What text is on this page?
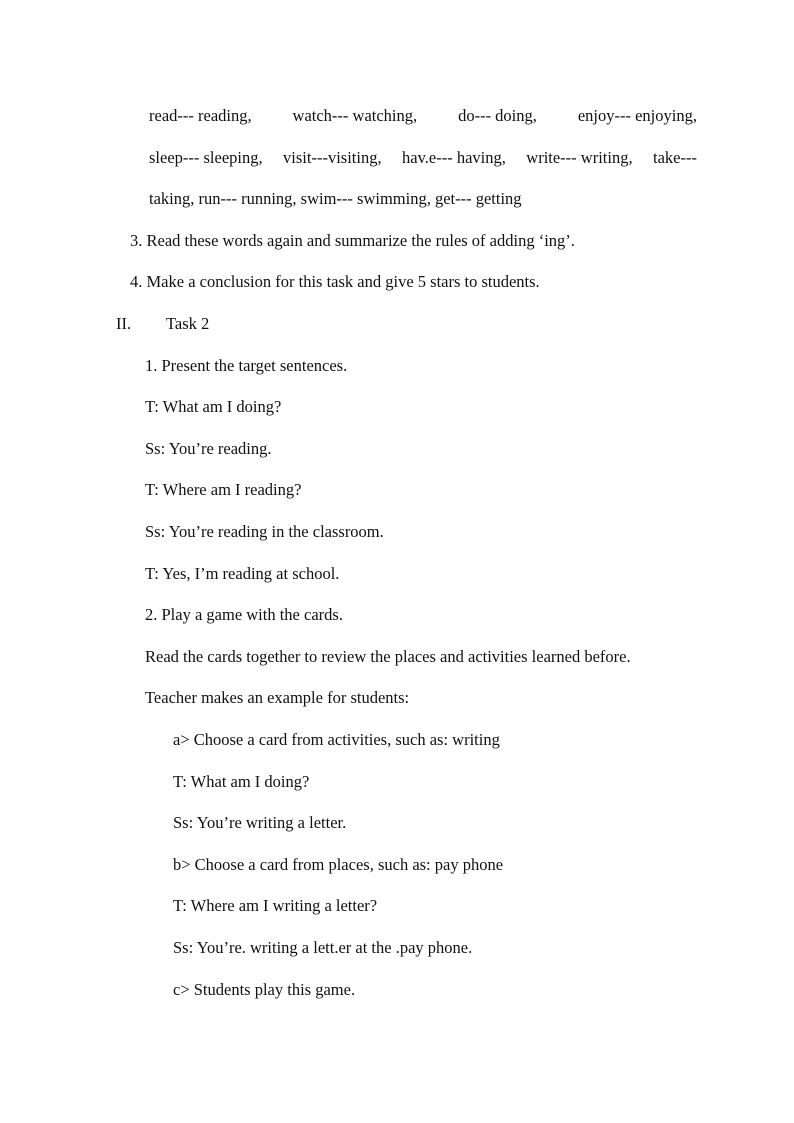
read--- reading, watch--- watching, do--- doing, enjoy--- enjoying,
sleep--- sleeping, visit---visiting, hav.e--- having, write--- writing, take---
taking, run--- running, swim--- swimming, get--- getting
3. Read these words again and summarize the rules of adding ‘ing’.
4. Make a conclusion for this task and give 5 stars to students.
II. Task 2
1. Present the target sentences.
T: What am I doing?
Ss: You’re reading.
T: Where am I reading?
Ss: You’re reading in the classroom.
T: Yes, I’m reading at school.
2. Play a game with the cards.
Read the cards together to review the places and activities learned before.
Teacher makes an example for students:
a> Choose a card from activities, such as: writing
T: What am I doing?
Ss: You’re writing a letter.
b> Choose a card from places, such as: pay phone
T: Where am I writing a letter?
Ss: You’re. writing a lett.er at the .pay phone.
c> Students play this game.
